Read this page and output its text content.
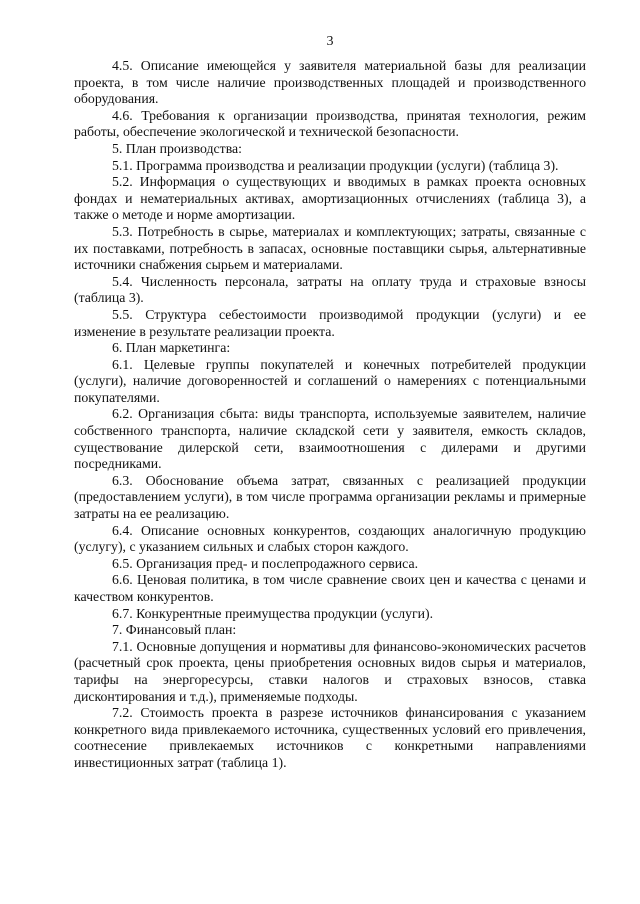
3

4.5. Описание имеющейся у заявителя материальной базы для реализации проекта, в том числе наличие производственных площадей и производственного оборудования.

4.6. Требования к организации производства, принятая технология, режим работы, обеспечение экологической и технической безопасности.

5. План производства:

5.1. Программа производства и реализации продукции (услуги) (таблица 3).

5.2. Информация о существующих и вводимых в рамках проекта основных фондах и нематериальных активах, амортизационных отчислениях (таблица 3), а также о методе и норме амортизации.

5.3. Потребность в сырье, материалах и комплектующих; затраты, связанные с их поставками, потребность в запасах, основные поставщики сырья, альтернативные источники снабжения сырьем и материалами.

5.4. Численность персонала, затраты на оплату труда и страховые взносы (таблица 3).

5.5. Структура себестоимости производимой продукции (услуги) и ее изменение в результате реализации проекта.

6. План маркетинга:

6.1. Целевые группы покупателей и конечных потребителей продукции (услуги), наличие договоренностей и соглашений о намерениях с потенциальными покупателями.

6.2. Организация сбыта: виды транспорта, используемые заявителем, наличие собственного транспорта, наличие складской сети у заявителя, емкость складов, существование дилерской сети, взаимоотношения с дилерами и другими посредниками.

6.3. Обоснование объема затрат, связанных с реализацией продукции (предоставлением услуги), в том числе программа организации рекламы и примерные затраты на ее реализацию.

6.4. Описание основных конкурентов, создающих аналогичную продукцию (услугу), с указанием сильных и слабых сторон каждого.

6.5. Организация пред- и послепродажного сервиса.

6.6. Ценовая политика, в том числе сравнение своих цен и качества с ценами и качеством конкурентов.

6.7. Конкурентные преимущества продукции (услуги).

7. Финансовый план:

7.1. Основные допущения и нормативы для финансово-экономических расчетов (расчетный срок проекта, цены приобретения основных видов сырья и материалов, тарифы на энергоресурсы, ставки налогов и страховых взносов, ставка дисконтирования и т.д.), применяемые подходы.

7.2. Стоимость проекта в разрезе источников финансирования с указанием конкретного вида привлекаемого источника, существенных условий его привлечения, соотнесение привлекаемых источников с конкретными направлениями инвестиционных затрат (таблица 1).
